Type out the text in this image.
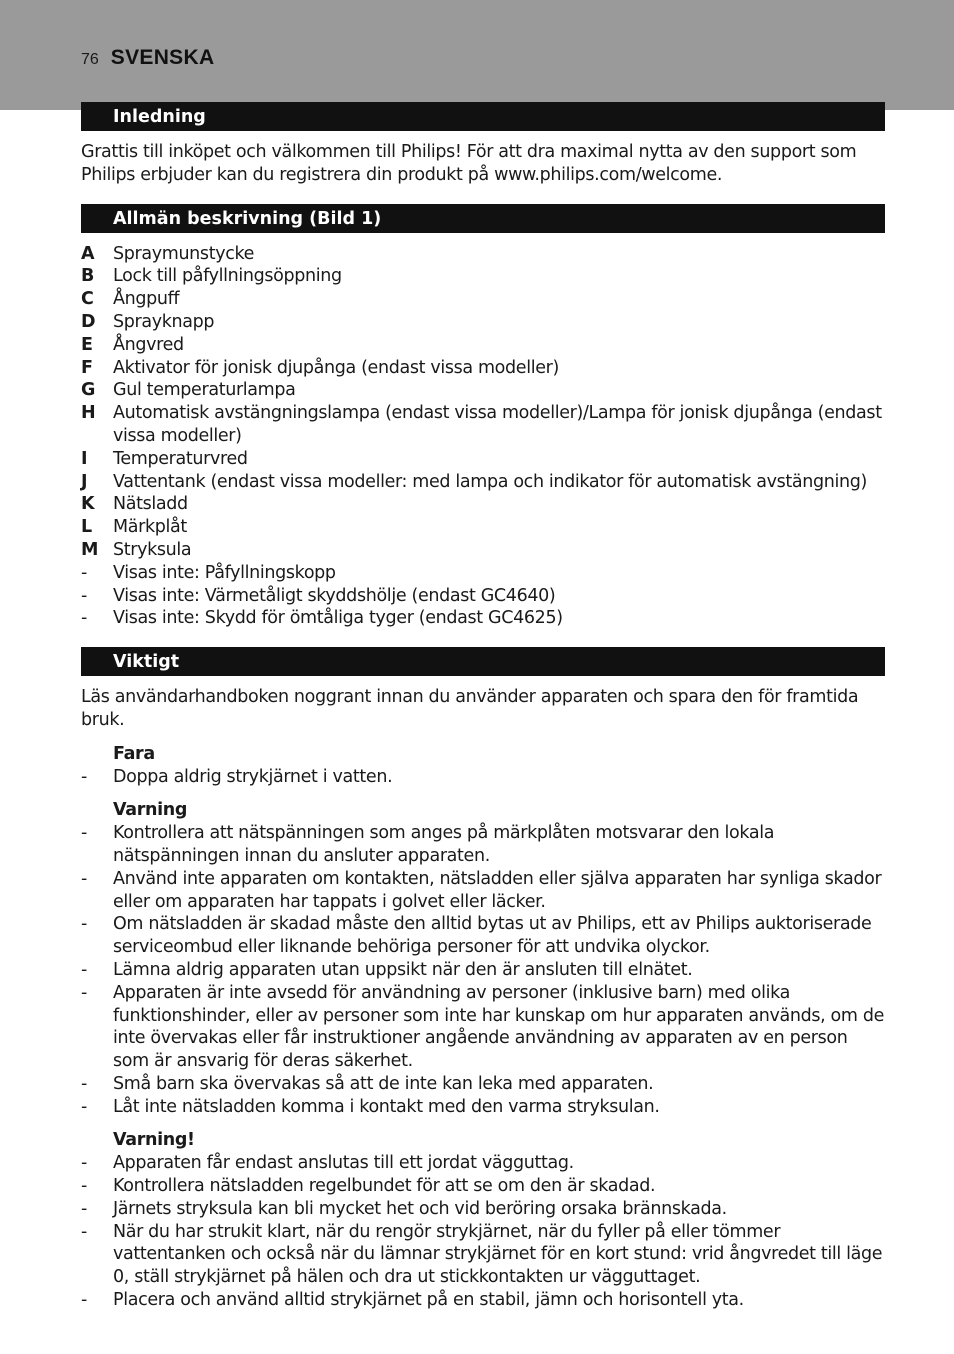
76 SVENSKA
Inledning
Grattis till inköpet och välkommen till Philips! För att dra maximal nytta av den support som Philips erbjuder kan du registrera din produkt på www.philips.com/welcome.
Allmän beskrivning (Bild 1)
A	Spraymunstycke
B	Lock till påfyllningsöppning
C	Ångpuff
D	Sprayknapp
E	Ångvred
F	Aktivator för jonisk djupånga (endast vissa modeller)
G	Gul temperaturlampa
H	Automatisk avstängningslampa (endast vissa modeller)/Lampa för jonisk djupånga (endast vissa modeller)
I	Temperaturvred
J	Vattentank (endast vissa modeller: med lampa och indikator för automatisk avstängning)
K	Nätsladd
L	Märkplåt
M Stryksula
-	Visas inte: Påfyllningskopp
-	Visas inte: Värmetåligt skyddshölje (endast GC4640)
-	Visas inte: Skydd för ömtåliga tyger (endast GC4625)
Viktigt
Läs användarhandboken noggrant innan du använder apparaten och spara den för framtida bruk.
Fara
-	Doppa aldrig strykjärnet i vatten.
Varning
-	Kontrollera att nätspänningen som anges på märkplåten motsvarar den lokala nätspänningen innan du ansluter apparaten.
-	Använd inte apparaten om kontakten, nätsladden eller själva apparaten har synliga skador eller om apparaten har tappats i golvet eller läcker.
-	Om nätsladden är skadad måste den alltid bytas ut av Philips, ett av Philips auktoriserade serviceombud eller liknande behöriga personer för att undvika olyckor.
-	Lämna aldrig apparaten utan uppsikt när den är ansluten till elnätet.
-	Apparaten är inte avsedd för användning av personer (inklusive barn) med olika funktionshinder, eller av personer som inte har kunskap om hur apparaten används, om de inte övervakas eller får instruktioner angående användning av apparaten av en person som är ansvarig för deras säkerhet.
-	Små barn ska övervakas så att de inte kan leka med apparaten.
-	Låt inte nätsladden komma i kontakt med den varma stryksulan.
Varning!
-	Apparaten får endast anslutas till ett jordat vägguttag.
-	Kontrollera nätsladden regelbundet för att se om den är skadad.
-	Järnets stryksula kan bli mycket het och vid beröring orsaka brännskada.
-	När du har strukit klart, när du rengör strykjärnet, när du fyller på eller tömmer vattentanken och också när du lämnar strykjärnet för en kort stund: vrid ångvredet till läge 0, ställ strykjärnet på hälen och dra ut stickkontakten ur vägguttaget.
-	Placera och använd alltid strykjärnet på en stabil, jämn och horisontell yta.
